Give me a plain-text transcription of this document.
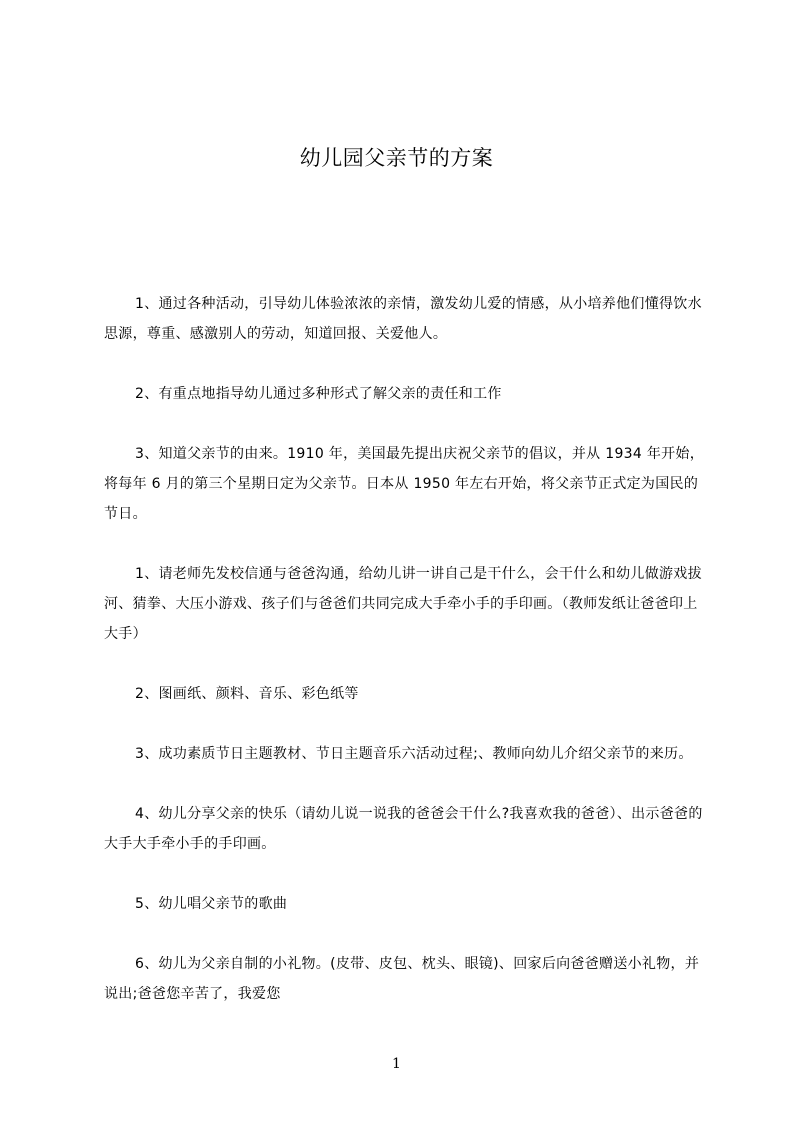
幼儿园父亲节的方案

1、通过各种活动，引导幼儿体验浓浓的亲情，激发幼儿爱的情感，从小培养他们懂得饮水思源，尊重、感激别人的劳动，知道回报、关爱他人。

2、有重点地指导幼儿通过多种形式了解父亲的责任和工作

3、知道父亲节的由来。1910 年，美国最先提出庆祝父亲节的倡议，并从 1934 年开始，将每年 6 月的第三个星期日定为父亲节。日本从 1950 年左右开始，将父亲节正式定为国民的节日。

1、请老师先发校信通与爸爸沟通，给幼儿讲一讲自己是干什么，会干什么和幼儿做游戏拔河、猜拳、大压小游戏、孩子们与爸爸们共同完成大手牵小手的手印画。（教师发纸让爸爸印上大手）

2、图画纸、颜料、音乐、彩色纸等

3、成功素质节日主题教材、节日主题音乐六活动过程;、教师向幼儿介绍父亲节的来历。

4、幼儿分享父亲的快乐（请幼儿说一说我的爸爸会干什么?我喜欢我的爸爸）、出示爸爸的大手大手牵小手的手印画。

5、幼儿唱父亲节的歌曲

6、幼儿为父亲自制的小礼物。(皮带、皮包、枕头、眼镜)、回家后向爸爸赠送小礼物，并说出;爸爸您辛苦了，我爱您

1
